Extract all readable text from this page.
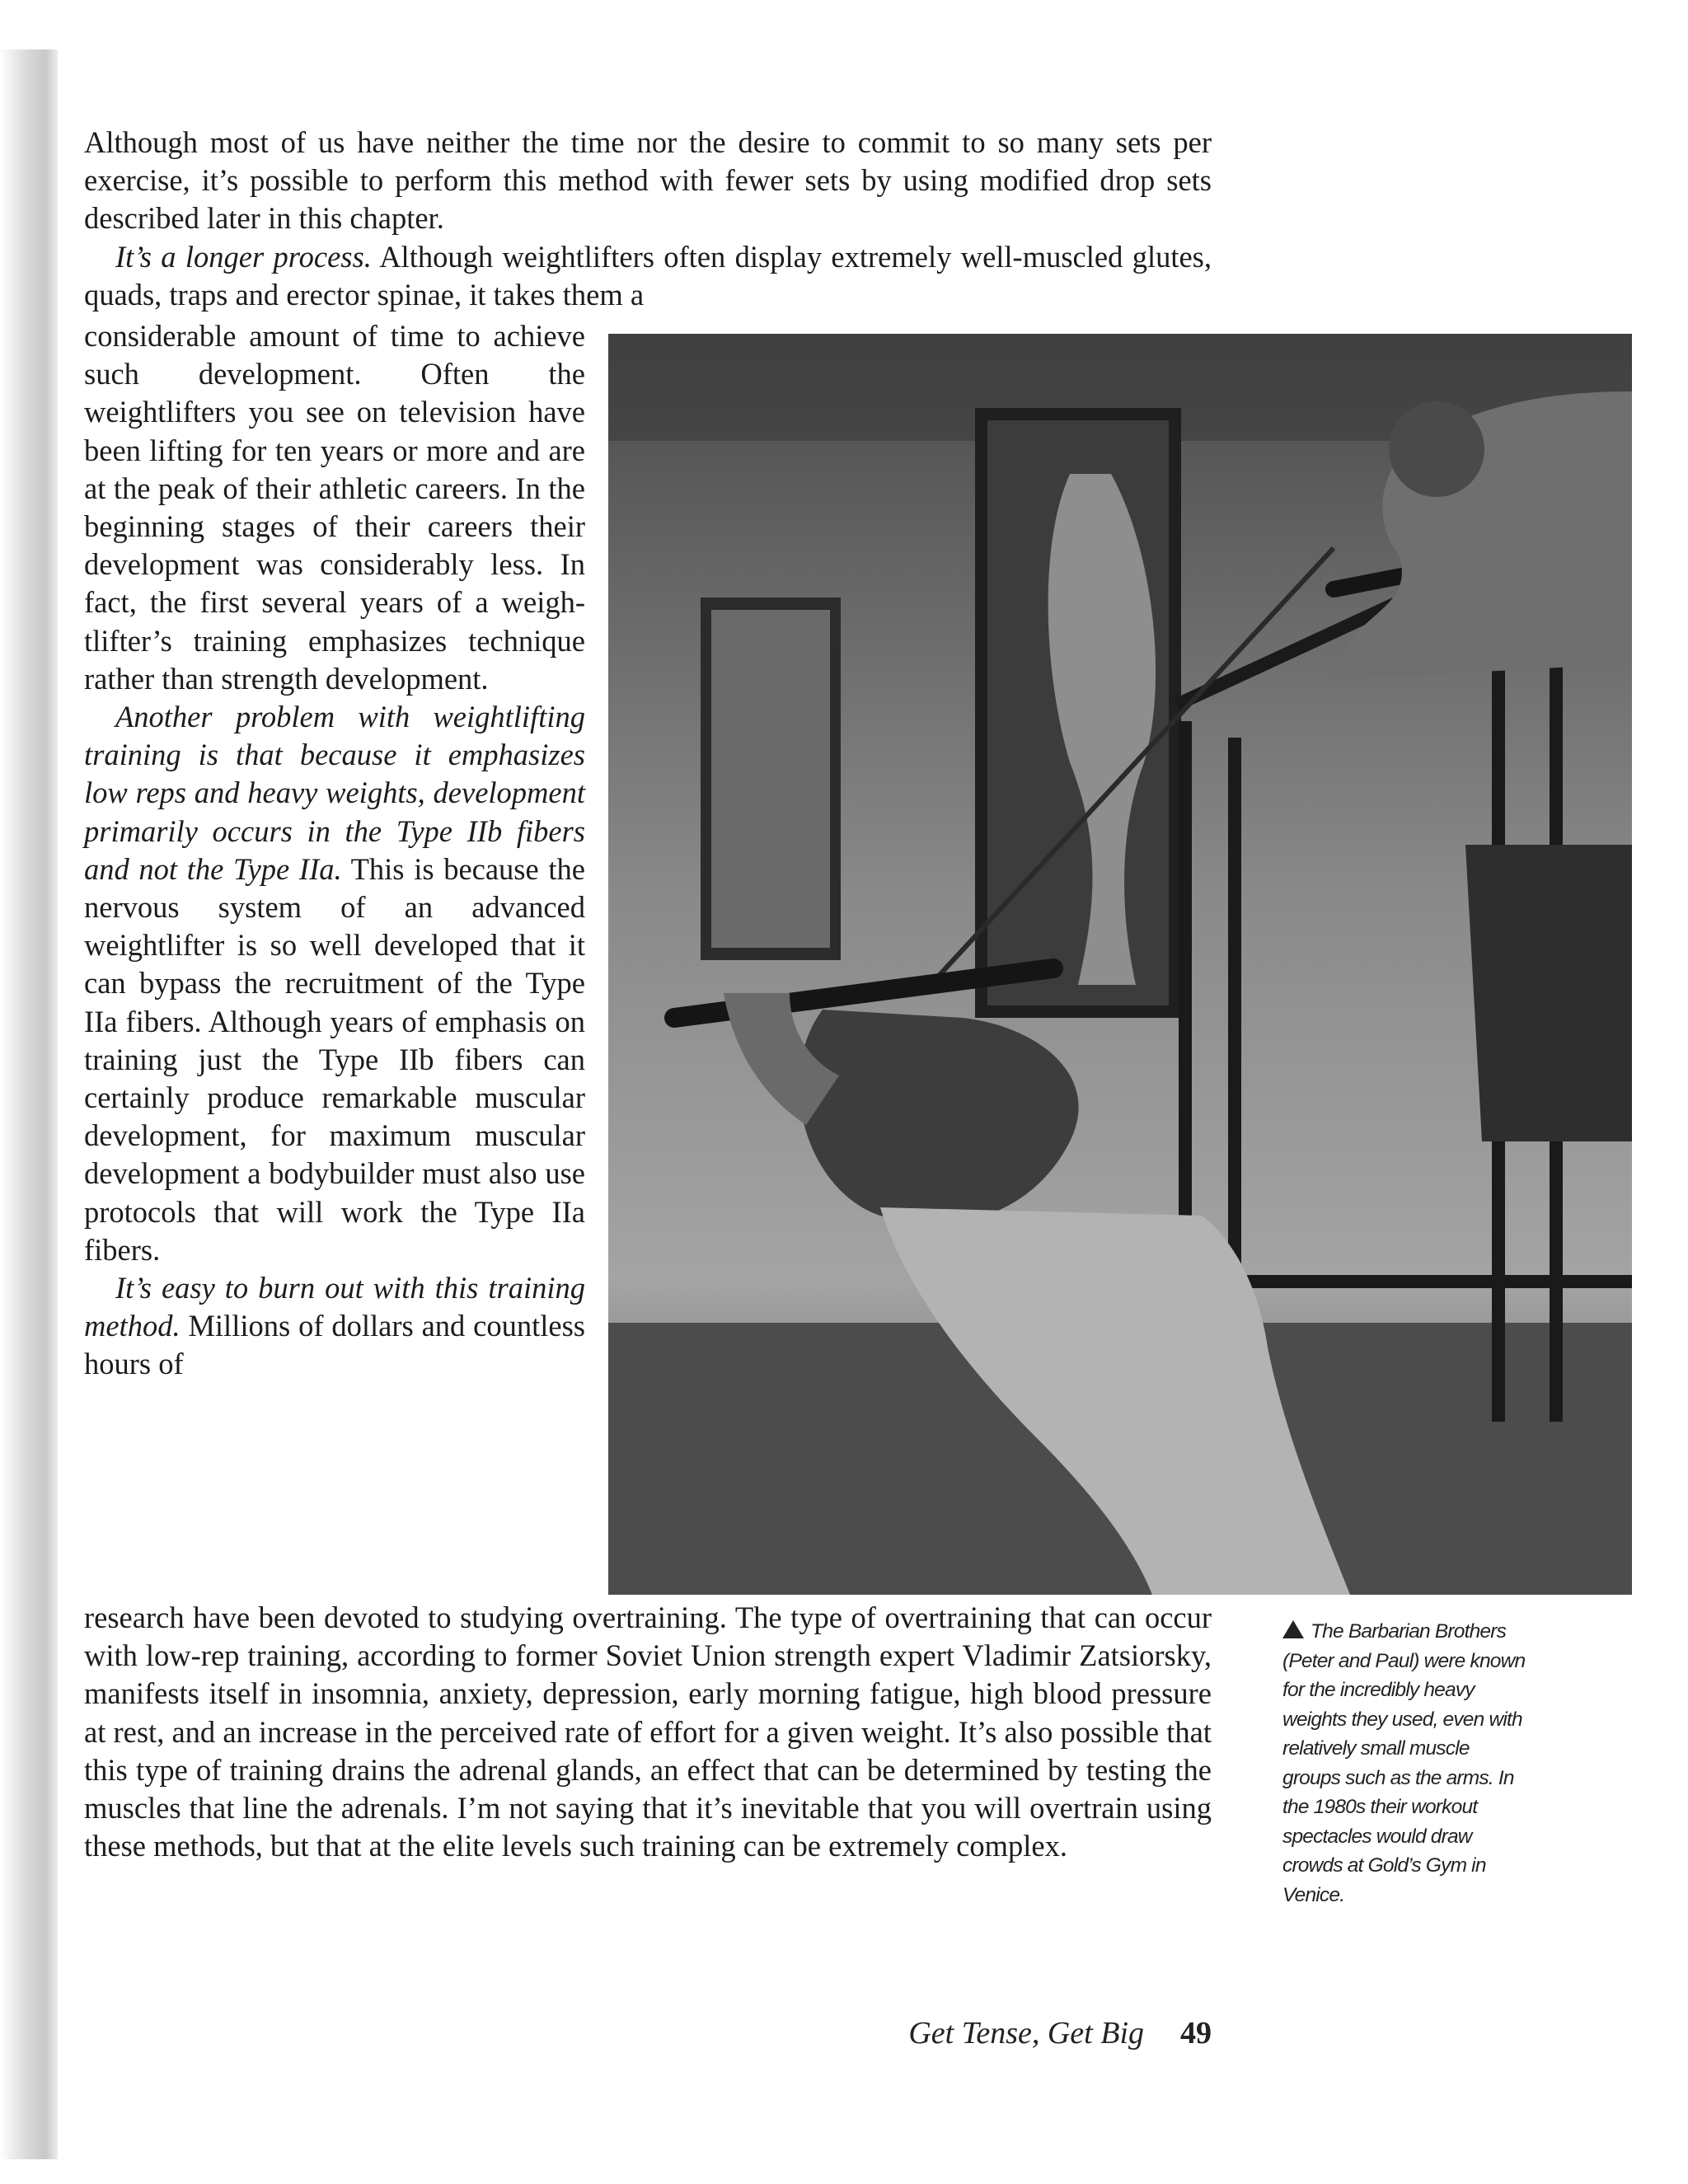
Although most of us have neither the time nor the desire to commit to so many sets per exercise, it’s possible to perform this method with fewer sets by using modified drop sets described later in this chapter.

It’s a longer process. Although weightlifters often display extremely well-muscled glutes, quads, traps and erector spinae, it takes them a

considerable amount of time to achieve such development. Often the weightlifters you see on television have been lifting for ten years or more and are at the peak of their athletic careers. In the beginning stages of their careers their development was considerably less. In fact, the first several years of a weightlifter’s training emphasizes technique rather than strength development.

Another problem with weightlifting training is that because it emphasizes low reps and heavy weights, development primarily occurs in the Type IIb fibers and not the Type IIa. This is because the nervous system of an advanced weightlifter is so well developed that it can bypass the recruitment of the Type IIa fibers. Although years of emphasis on training just the Type IIb fibers can certainly produce remarkable muscular development, for maximum muscular development a bodybuilder must also use protocols that will work the Type IIa fibers.

It’s easy to burn out with this training method. Millions of dollars and countless hours of

research have been devoted to studying overtraining. The type of overtraining that can occur with low-rep training, according to former Soviet Union strength expert Vladimir Zatsiorsky, manifests itself in insomnia, anxiety, depression, early morning fatigue, high blood pressure at rest, and an increase in the perceived rate of effort for a given weight. It’s also possible that this type of training drains the adrenal glands, an effect that can be determined by testing the muscles that line the adrenals. I’m not saying that it’s inevitable that you will overtrain using these methods, but that at the elite levels such training can be extremely complex.

The Barbarian Brothers (Peter and Paul) were known for the incredibly heavy weights they used, even with relatively small muscle groups such as the arms. In the 1980s their workout spectacles would draw crowds at Gold’s Gym in Venice.
Get Tense, Get Big 49
